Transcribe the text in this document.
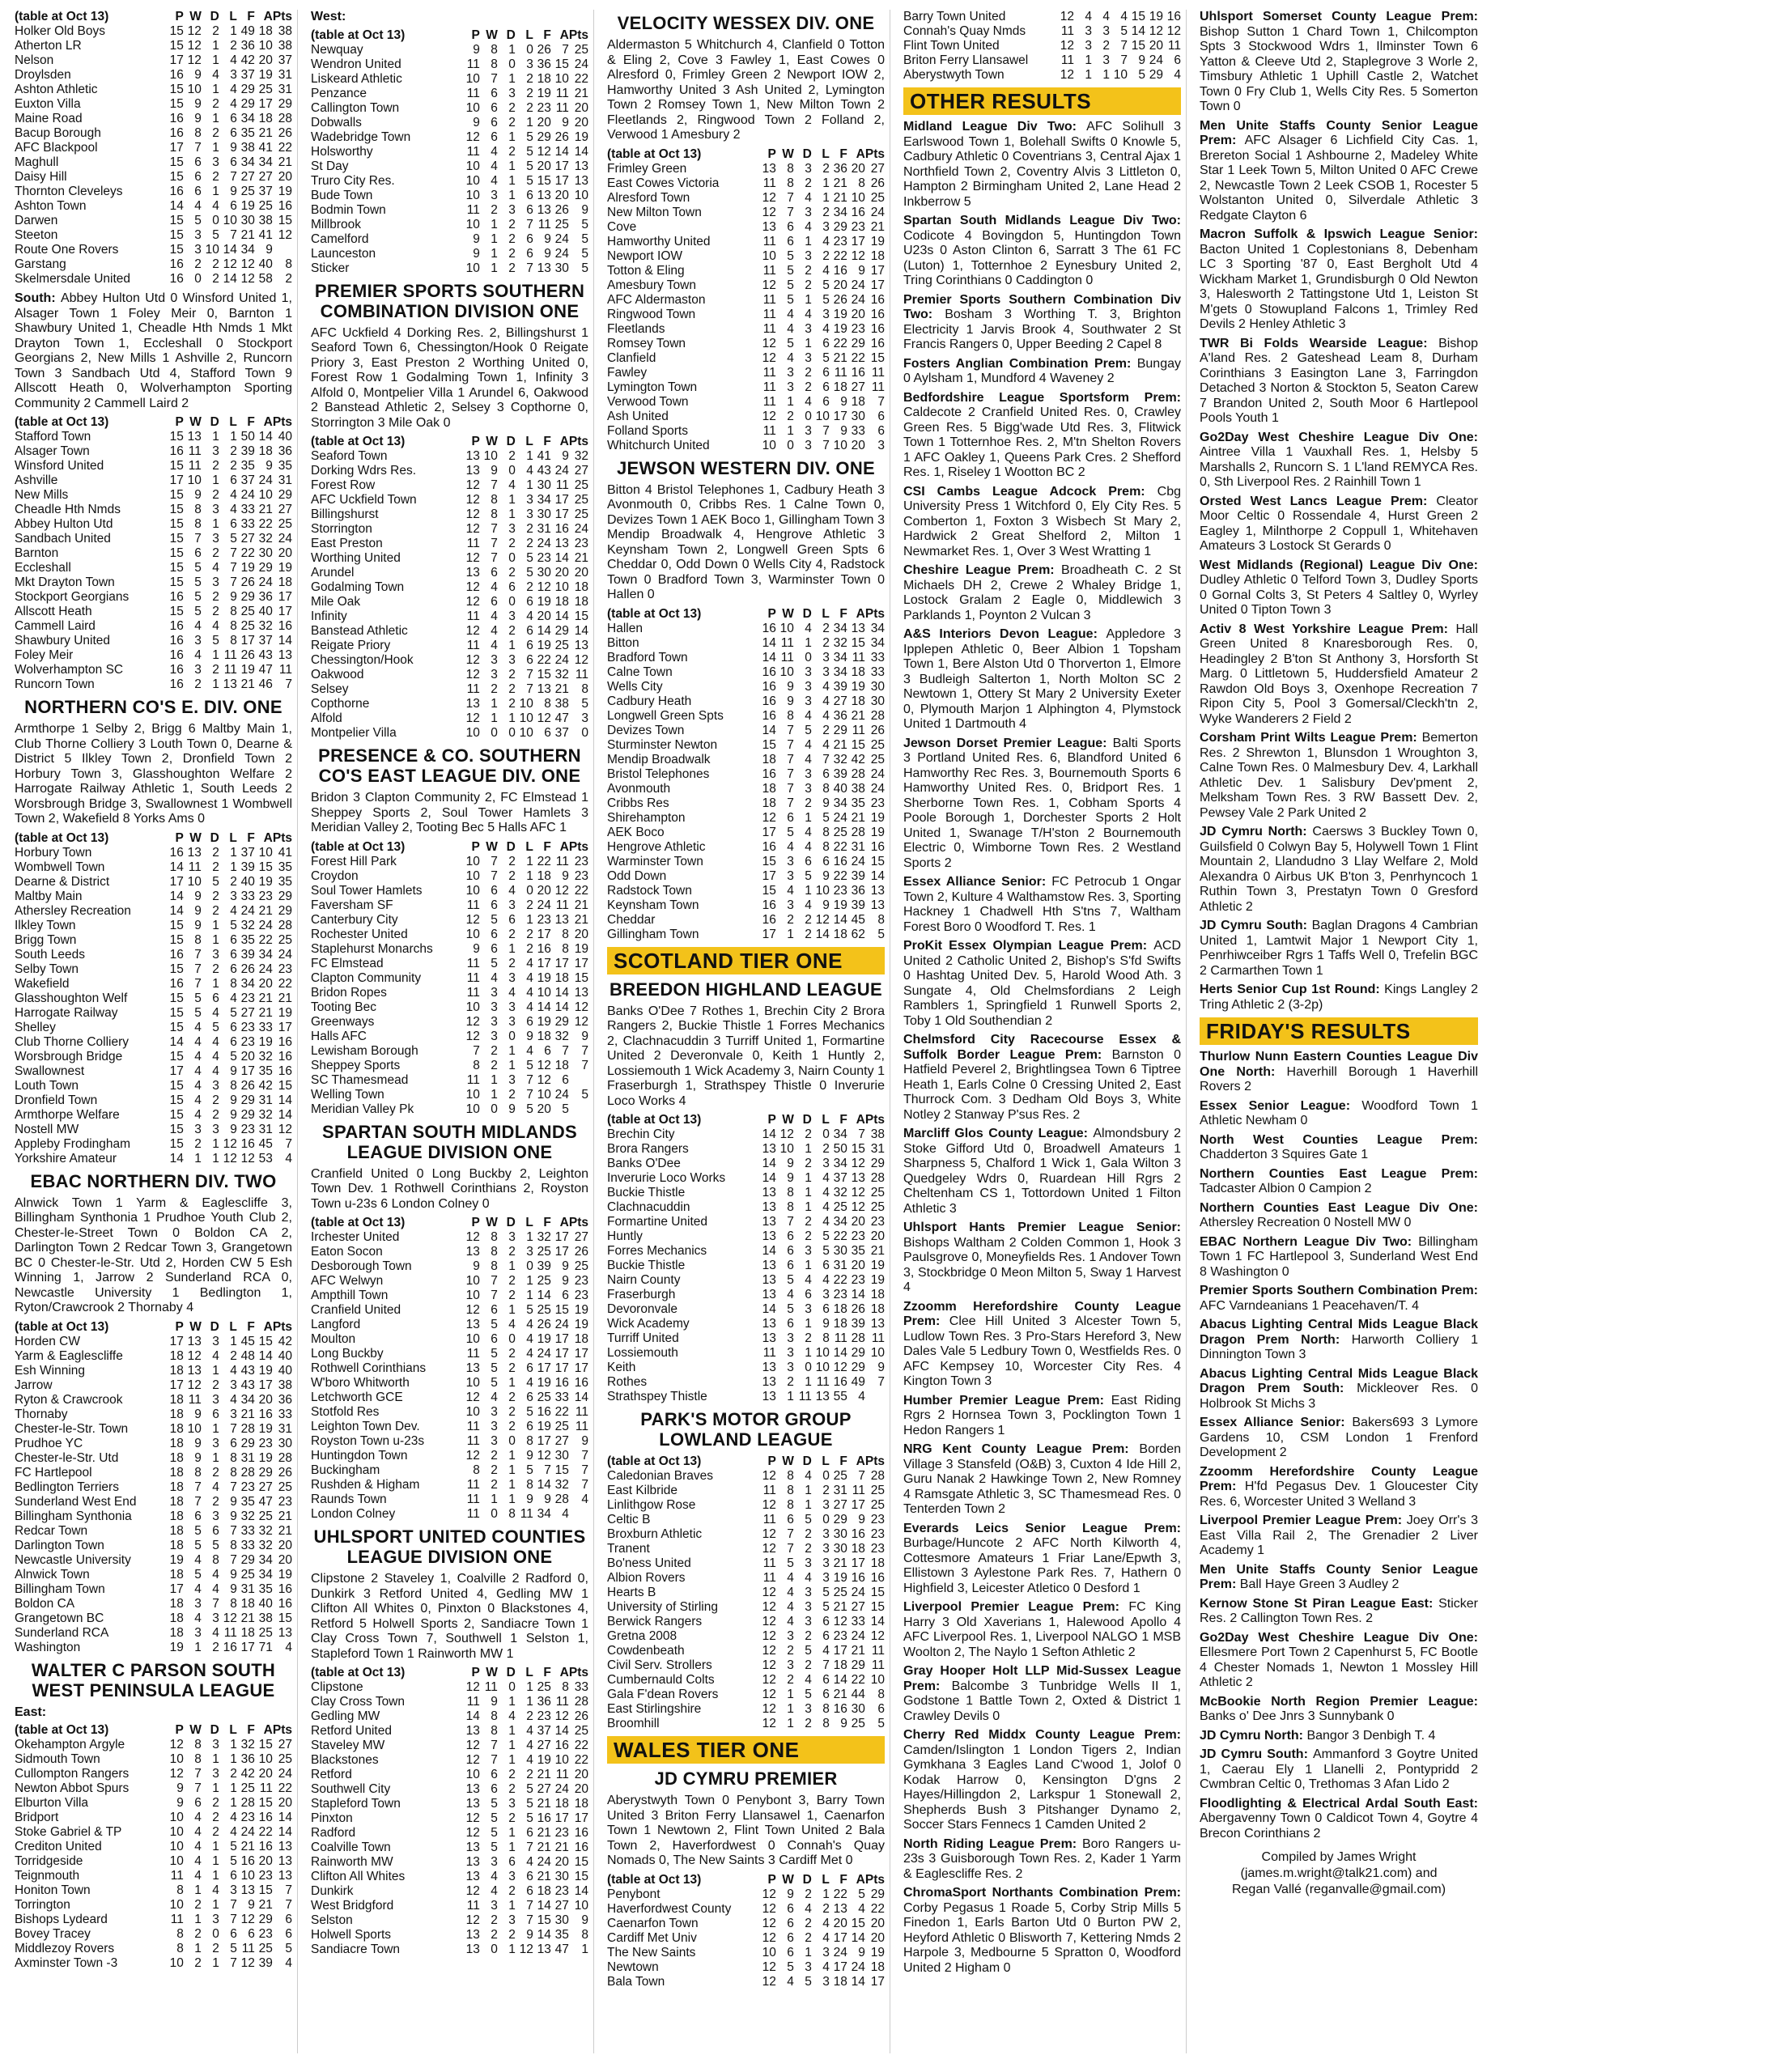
(table at Oct 13)	P	W	D	L	F	A	Pts
Holker Old Boys	15	12	2	1	49	18	38
Atherton LR	15	12	1	2	36	10	38
Nelson	17	12	1	4	42	20	37
Droylsden	16	9	4	3	37	19	31
Ashton Athletic	15	10	1	4	29	25	31
Euxton Villa	15	9	2	4	29	17	29
Maine Road	16	9	1	6	34	18	28
Bacup Borough	16	8	2	6	35	21	26
AFC Blackpool	17	7	1	9	38	41	22
Maghull	15	6	3	6	34	34	21
Daisy Hill	15	6	2	7	27	27	20
Thornton Cleveleys	16	6	1	9	25	37	19
Ashton Town	14	4	4	6	19	25	16
Darwen	15	5	0	10	30	38	15
Steeton	15	3	5	7	21	41	12
Route One Rovers	15	3	10	14	34	9	
Garstang	16	2	2	12	12	40	8
Skelmersdale United	16	0	2	14	12	58	2

South: Abbey Hulton Utd 0 Winsford United 1, Alsager Town 1 Foley Meir 0, Barnton 1 Shawbury United 1, Cheadle Hth Nmds 1 Mkt Drayton Town 1, Eccleshall 0 Stockport Georgians 2, New Mills 1 Ashville 2, Runcorn Town 3 Sandbach Utd 4, Stafford Town 9 Allscott Heath 0, Wolverhampton Sporting Community 2 Cammell Laird 2

(table at Oct 13)	P	W	D	L	F	A	Pts
Stafford Town	15	13	1	1	50	14	40
Alsager Town	16	11	3	2	39	18	36
Winsford United	15	11	2	2	35	9	35
Ashville	17	10	1	6	37	24	31
New Mills	15	9	2	4	24	10	29
Cheadle Hth Nmds	15	8	3	4	33	21	27
Abbey Hulton Utd	15	8	1	6	33	22	25
Sandbach United	15	7	3	5	27	32	24
Barnton	15	6	2	7	22	30	20
Eccleshall	15	5	4	7	19	29	19
Mkt Drayton Town	15	5	3	7	26	24	18
Stockport Georgians	16	5	2	9	29	36	17
Allscott Heath	15	5	2	8	25	40	17
Cammell Laird	16	4	4	8	25	32	16
Shawbury United	16	3	5	8	17	37	14
Foley Meir	16	4	1	11	26	43	13
Wolverhampton SC	16	3	2	11	19	47	11
Runcorn Town	16	2	1	13	21	46	7
NORTHERN CO'S E. DIV. ONE

Armthorpe 1 Selby 2, Brigg 6 Maltby Main 1, Club Thorne Colliery 3 Louth Town 0, Dearne & District 5 Ilkley Town 2, Dronfield Town 2 Horbury Town 3, Glasshoughton Welfare 2 Harrogate Railway Athletic 1, South Leeds 2 Worsbrough Bridge 3, Swallownest 1 Wombwell Town 2, Wakefield 8 Yorks Ams 0

(table at Oct 13)	P	W	D	L	F	A	Pts
Horbury Town	16	13	2	1	37	10	41
Wombwell Town	14	11	2	1	39	15	35
Dearne & District	17	10	5	2	40	19	35
Maltby Main	14	9	2	3	33	23	29
Athersley Recreation	14	9	2	4	24	21	29
Ilkley Town	15	9	1	5	32	24	28
Brigg Town	15	8	1	6	35	22	25
South Leeds	16	7	3	6	39	34	24
Selby Town	15	7	2	6	26	24	23
Wakefield	16	7	1	8	34	20	22
Glasshoughton Welf	15	5	6	4	23	21	21
Harrogate Railway	15	5	4	5	27	21	19
Shelley	15	4	5	6	23	33	17
Club Thorne Colliery	14	4	4	6	23	19	16
Worsbrough Bridge	15	4	4	5	20	32	16
Swallownest	17	4	4	9	17	35	16
Louth Town	15	4	3	8	26	42	15
Dronfield Town	15	4	2	9	29	31	14
Armthorpe Welfare	15	4	2	9	29	32	14
Nostell MW	15	3	3	9	23	31	12
Appleby Frodingham	15	2	1	12	16	45	7
Yorkshire Amateur	14	1	1	12	12	53	4
EBAC NORTHERN DIV. TWO

Alnwick Town 1 Yarm & Eaglescliffe 3, Billingham Synthonia 1 Prudhoe Youth Club 2, Chester-le-Street Town 0 Boldon CA 2, Darlington Town 2 Redcar Town 3, Grangetown BC 0 Chester-le-Str. Utd 2, Horden CW 5 Esh Winning 1, Jarrow 2 Sunderland RCA 0, Newcastle University 1 Bedlington 1, Ryton/Crawcrook 2 Thornaby 4

(table at Oct 13)	P	W	D	L	F	A	Pts
Horden CW	17	13	3	1	45	15	42
Yarm & Eaglescliffe	18	12	4	2	48	14	40
Esh Winning	18	13	1	4	43	19	40
Jarrow	17	12	2	3	43	17	38
Ryton & Crawcrook	18	11	3	4	34	20	36
Thornaby	18	9	6	3	21	16	33
Chester-le-Str. Town	18	10	1	7	28	19	31
Prudhoe YC	18	9	3	6	29	23	30
Chester-le-Str. Utd	18	9	1	8	31	19	28
FC Hartlepool	18	8	2	8	28	29	26
Bedlington Terriers	18	7	4	7	23	27	25
Sunderland West End	18	7	2	9	35	47	23
Billingham Synthonia	18	6	3	9	32	25	21
Redcar Town	18	5	6	7	33	32	21
Darlington Town	18	5	5	8	33	32	20
Newcastle University	19	4	8	7	29	34	20
Alnwick Town	18	5	4	9	25	34	19
Billingham Town	17	4	4	9	31	35	16
Boldon CA	18	3	7	8	18	40	16
Grangetown BC	18	4	3	12	21	38	15
Sunderland RCA	18	3	4	11	18	25	13
Washington	19	1	2	16	17	71	4
WALTER C PARSON SOUTH WEST PENINSULA LEAGUE
East:
(table at Oct 13)	P	W	D	L	F	A	Pts
Okehampton Argyle	12	8	3	1	32	15	27
Sidmouth Town	10	8	1	1	36	10	25
Cullompton Rangers	12	7	3	2	42	20	24
Newton Abbot Spurs	9	7	1	1	25	11	22
Elburton Villa	9	6	2	1	28	15	20
Bridport	10	4	2	4	23	16	14
Stoke Gabriel & TP	10	4	2	4	24	22	14
Crediton United	10	4	1	5	21	16	13
Torridgeside	10	4	1	5	16	20	13
Teignmouth	11	4	1	6	10	23	13
Honiton Town	8	1	4	3	13	15	7
Torrington	10	2	1	7	9	21	7
Bishops Lydeard	11	1	3	7	12	29	6
Bovey Tracey	8	2	0	6	6	23	6
Middlezoy Rovers	8	1	2	5	11	25	5
Axminster Town -3	10	2	1	7	12	39	4
West:
(table at Oct 13)	P	W	D	L	F	A	Pts
Newquay	9	8	1	0	26	7	25
Wendron United	11	8	0	3	36	15	24
Liskeard Athletic	10	7	1	2	18	10	22
Penzance	11	6	3	2	19	11	21
Callington Town	10	6	2	2	23	11	20
Dobwalls	9	6	2	1	20	9	20
Wadebridge Town	12	6	1	5	29	26	19
Holsworthy	11	4	2	5	12	14	14
St Day	10	4	1	5	20	17	13
Truro City Res.	10	4	1	5	15	17	13
Bude Town	10	3	1	6	13	20	10
Bodmin Town	11	2	3	6	13	26	9
Millbrook	10	1	2	7	11	25	5
Camelford	9	1	2	6	9	24	5
Launceston	9	1	2	6	9	24	5
Sticker	10	1	2	7	13	30	5
PREMIER SPORTS SOUTHERN COMBINATION DIVISION ONE

AFC Uckfield 4 Dorking Res. 2, Billingshurst 1 Seaford Town 6, Chessington/Hook 0 Reigate Priory 3, East Preston 2 Worthing United 0, Forest Row 1 Godalming Town 1, Infinity 3 Alfold 0, Montpelier Villa 1 Arundel 6, Oakwood 2 Banstead Athletic 2, Selsey 3 Copthorne 0, Storrington 3 Mile Oak 0

(table at Oct 13)	P	W	D	L	F	A	Pts
Seaford Town	13	10	2	1	41	9	32
Dorking Wdrs Res.	13	9	0	4	43	24	27
Forest Row	12	7	4	1	30	11	25
AFC Uckfield Town	12	8	1	3	34	17	25
Billingshurst	12	8	1	3	30	17	25
Storrington	12	7	3	2	31	16	24
East Preston	11	7	2	2	24	13	23
Worthing United	12	7	0	5	23	14	21
Arundel	13	6	2	5	30	20	20
Godalming Town	12	4	6	2	12	10	18
Mile Oak	12	6	0	6	19	18	18
Infinity	11	4	3	4	20	14	15
Banstead Athletic	12	4	2	6	14	29	14
Reigate Priory	11	4	1	6	19	25	13
Chessington/Hook	12	3	3	6	22	24	12
Oakwood	12	3	2	7	15	32	11
Selsey	11	2	2	7	13	21	8
Copthorne	13	1	2	10	8	38	5
Alfold	12	1	1	10	12	47	3
Montpelier Villa	10	0	0	10	6	37	0
PRESENCE & CO. SOUTHERN CO'S EAST LEAGUE DIV. ONE

Bridon 3 Clapton Community 2, FC Elmstead 1 Sheppey Sports 2, Soul Tower Hamlets 3 Meridian Valley 2, Tooting Bec 5 Halls AFC 1

(table at Oct 13)	P	W	D	L	F	A	Pts
Forest Hill Park	10	7	2	1	22	11	23
Croydon	10	7	2	1	18	9	23
Soul Tower Hamlets	10	6	4	0	20	12	22
Faversham SF	11	6	3	2	24	11	21
Canterbury City	12	5	6	1	23	13	21
Rochester United	10	6	2	2	17	8	20
Staplehurst Monarchs	9	6	1	2	16	8	19
FC Elmstead	11	5	2	4	17	17	17
Clapton Community	11	4	3	4	19	18	15
Bridon Ropes	11	3	4	4	10	14	13
Tooting Bec	10	3	3	4	14	14	12
Greenways	12	3	3	6	19	29	12
Halls AFC	12	3	0	9	18	32	9
Lewisham Borough	7	2	1	4	6	7	7
Sheppey Sports	8	2	1	5	12	18	7
SC Thamesmead	11	1	3	7	12	6	
Welling Town	10	1	2	7	10	24	5
Meridian Valley Pk	10	0	9	5	20	5	
SPARTAN SOUTH MIDLANDS LEAGUE DIVISION ONE

Cranfield United 0 Long Buckby 2, Leighton Town Dev. 1 Rothwell Corinthians 2, Royston Town u-23s 6 London Colney 0

(table at Oct 13)	P	W	D	L	F	A	Pts
Irchester United	12	8	3	1	32	17	27
Eaton Socon	13	8	2	3	25	17	26
Desborough Town	9	8	1	0	39	9	25
AFC Welwyn	10	7	2	1	25	9	23
Ampthill Town	10	7	2	1	14	6	23
Cranfield United	12	6	1	5	25	15	19
Langford	13	5	4	4	26	24	19
Moulton	10	6	0	4	19	17	18
Long Buckby	11	5	2	4	24	17	17
Rothwell Corinthians	13	5	2	6	17	17	17
W'boro Whitworth	10	5	1	4	19	16	16
Letchworth GCE	12	4	2	6	25	33	14
Stotfold Res	10	3	2	5	16	22	11
Leighton Town Dev.	11	3	2	6	19	25	11
Royston Town u-23s	11	3	0	8	17	27	9
Huntingdon Town	12	2	1	9	12	30	7
Buckingham	8	2	1	5	7	15	7
Rushden & Higham	11	2	1	8	14	32	7
Raunds Town	11	1	1	9	9	28	4
London Colney	11	0	8	11	34	4	
UHLSPORT UNITED COUNTIES LEAGUE DIVISION ONE

Clipstone 2 Staveley 1, Coalville 2 Radford 0, Dunkirk 3 Retford United 4, Gedling MW 1 Clifton All Whites 0, Pinxton 0 Blackstones 4, Retford 5 Holwell Sports 2, Sandiacre Town 1 Clay Cross Town 7, Southwell 1 Selston 1, Stapleford Town 1 Rainworth MW 1

(table at Oct 13)	P	W	D	L	F	A	Pts
Clipstone	12	11	0	1	25	8	33
Clay Cross Town	11	9	1	1	36	11	28
Gedling MW	14	8	4	2	23	12	26
Retford United	13	8	1	4	37	14	25
Staveley MW	12	7	1	4	27	16	22
Blackstones	12	7	1	4	19	10	22
Retford	10	6	2	2	21	11	20
Southwell City	13	6	2	5	27	24	20
Stapleford Town	13	5	3	5	21	18	18
Pinxton	12	5	2	5	16	17	17
Radford	12	5	1	6	21	23	16
Coalville Town	13	5	1	7	21	21	16
Rainworth MW	13	3	6	4	24	20	15
Clifton All Whites	13	4	3	6	21	30	15
Dunkirk	12	4	2	6	18	23	14
West Bridgford	11	3	1	7	14	27	10
Selston	12	2	3	7	15	30	9
Holwell Sports	13	2	2	9	14	35	8
Sandiacre Town	13	0	1	12	13	47	1
VELOCITY WESSEX DIV. ONE

Aldermaston 5 Whitchurch 4, Clanfield 0 Totton & Eling 2, Cove 3 Fawley 1, East Cowes 0 Alresford 0, Frimley Green 2 Newport IOW 2, Hamworthy United 3 Ash United 2, Lymington Town 2 Romsey Town 1, New Milton Town 2 Fleetlands 2, Ringwood Town 2 Folland 2, Verwood 1 Amesbury 2

(table at Oct 13)	P	W	D	L	F	A	Pts
Frimley Green	13	8	3	2	36	20	27
East Cowes Victoria	11	8	2	1	21	8	26
Alresford Town	12	7	4	1	21	10	25
New Milton Town	12	7	3	2	34	16	24
Cove	13	6	4	3	29	23	21
Hamworthy United	11	6	1	4	23	17	19
Newport IOW	10	5	3	2	22	12	18
Totton & Eling	11	5	2	4	16	9	17
Amesbury Town	12	5	2	5	20	24	17
AFC Aldermaston	11	5	1	5	26	24	16
Ringwood Town	11	4	4	3	19	20	16
Fleetlands	11	4	3	4	19	23	16
Romsey Town	12	5	1	6	22	29	16
Clanfield	12	4	3	5	21	22	15
Fawley	11	3	2	6	11	16	11
Lymington Town	11	3	2	6	18	27	11
Verwood Town	11	1	4	6	9	18	7
Ash United	12	2	0	10	17	30	6
Folland Sports	11	1	3	7	9	33	6
Whitchurch United	10	0	3	7	10	20	3
JEWSON WESTERN DIV. ONE

Bitton 4 Bristol Telephones 1, Cadbury Heath 3 Avonmouth 0, Cribbs Res. 1 Calne Town 0, Devizes Town 1 AEK Boco 1, Gillingham Town 3 Mendip Broadwalk 4, Hengrove Athletic 3 Keynsham Town 2, Longwell Green Spts 6 Cheddar 0, Odd Down 0 Wells City 4, Radstock Town 0 Bradford Town 3, Warminster Town 0 Hallen 0

(table at Oct 13)	P	W	D	L	F	A	Pts
Hallen	16	10	4	2	34	13	34
Bitton	14	11	1	2	32	15	34
Bradford Town	14	11	0	3	34	11	33
Calne Town	16	10	3	3	34	18	33
Wells City	16	9	3	4	39	19	30
Cadbury Heath	16	9	3	4	27	18	30
Longwell Green Spts	16	8	4	4	36	21	28
Devizes Town	14	7	5	2	29	11	26
Sturminster Newton	15	7	4	4	21	15	25
Mendip Broadwalk	18	7	4	7	32	42	25
Bristol Telephones	16	7	3	6	39	28	24
Avonmouth	18	7	3	8	40	38	24
Cribbs Res	18	7	2	9	34	35	23
Shirehampton	12	6	1	5	24	21	19
AEK Boco	17	5	4	8	25	28	19
Hengrove Athletic	16	4	4	8	22	31	16
Warminster Town	15	3	6	6	16	24	15
Odd Down	17	3	5	9	22	39	14
Radstock Town	15	4	1	10	23	36	13
Keynsham Town	16	3	4	9	19	39	13
Cheddar	16	2	2	12	14	45	8
Gillingham Town	17	1	2	14	18	62	5
SCOTLAND TIER ONE
BREEDON HIGHLAND LEAGUE

Banks O'Dee 7 Rothes 1, Brechin City 2 Brora Rangers 2, Buckie Thistle 1 Forres Mechanics 2, Clachnacuddin 3 Turriff United 1, Formartine United 2 Deveronvale 0, Keith 1 Huntly 2, Lossiemouth 1 Wick Academy 3, Nairn County 1 Fraserburgh 1, Strathspey Thistle 0 Inverurie Loco Works 4

(table at Oct 13)	P	W	D	L	F	A	Pts
Brechin City	14	12	2	0	34	7	38
Brora Rangers	13	10	1	2	50	15	31
Banks O'Dee	14	9	2	3	34	12	29
Inverurie Loco Works	14	9	1	4	37	13	28
Buckie Thistle	13	8	1	4	32	12	25
Clachnacuddin	13	8	1	4	25	12	25
Formartine United	13	7	2	4	34	20	23
Huntly	13	6	2	5	22	23	20
Forres Mechanics	14	6	3	5	30	35	21
Buckie Thistle	13	6	1	6	31	20	19
Nairn County	13	5	4	4	22	23	19
Fraserburgh	13	4	6	3	23	14	18
Devoronvale	14	5	3	6	18	26	18
Wick Academy	13	6	1	9	18	39	13
Turriff United	13	3	2	8	11	28	11
Lossiemouth	11	3	1	10	14	29	10
Keith	13	3	0	10	12	29	9
Rothes	13	2	1	11	16	49	7
Strathspey Thistle	13	1	11	13	55	4	
PARK'S MOTOR GROUP LOWLAND LEAGUE
(table at Oct 13)	P	W	D	L	F	A	Pts
Caledonian Braves	12	8	4	0	25	7	28
East Kilbride	11	8	1	2	31	11	25
Linlithgow Rose	12	8	1	3	27	17	25
Celtic B	11	6	5	0	29	9	23
Broxburn Athletic	12	7	2	3	30	16	23
Tranent	12	7	2	3	30	18	23
Bo'ness United	11	5	3	3	21	17	18
Albion Rovers	11	4	4	3	19	16	16
Hearts B	12	4	3	5	25	24	15
University of Stirling	12	4	3	5	21	27	15
Berwick Rangers	12	4	3	6	12	33	14
Gretna 2008	12	3	2	6	23	24	12
Cowdenbeath	12	2	5	4	17	21	11
Civil Serv. Strollers	12	3	2	7	18	29	11
Cumbernauld Colts	12	2	4	6	14	22	10
Gala F'dean Rovers	12	1	5	6	21	44	8
East Stirlingshire	12	1	3	8	16	30	6
Broomhill	12	1	2	8	9	25	5
WALES TIER ONE
JD CYMRU PREMIER

Aberystwyth Town 0 Penybont 3, Barry Town United 3 Briton Ferry Llansawel 1, Caenarfon Town 1 Newtown 2, Flint Town United 2 Bala Town 2, Haverfordwest 0 Connah's Quay Nomads 0, The New Saints 3 Cardiff Met 0

(table at Oct 13)	P	W	D	L	F	A	Pts
Penybont	12	9	2	1	22	5	29
Haverfordwest County	12	6	4	2	13	4	22
Caenarfon Town	12	6	2	4	20	15	20
Cardiff Met Univ	12	6	2	4	17	14	20
The New Saints	10	6	1	3	24	9	19
Newtown	12	5	3	4	17	24	18
Bala Town	12	4	5	3	18	14	17
Barry Town United	12	4	4	4	15	19	16
Connah's Quay Nmds	11	3	3	5	14	12	12
Flint Town United	12	3	2	7	15	20	11
Briton Ferry Llansawel	11	1	3	7	9	24	6
Aberystwyth Town	12	1	1	10	5	29	4
OTHER RESULTS

Midland League Div Two: AFC Solihull 3 Earlswood Town 1, Bolehall Swifts 0 Knowle 5, Cadbury Athletic 0 Coventrians 3, Central Ajax 1 Northfield Town 2, Coventry Alvis 3 Littleton 0, Hampton 2 Birmingham United 2, Lane Head 2 Inkberrow 5

Spartan South Midlands League Div Two: Codicote 4 Bovingdon 5, Huntingdon Town U23s 0 Aston Clinton 6, Sarratt 3 The 61 FC (Luton) 1, Totternhoe 2 Eynesbury United 2, Tring Corinthians 0 Caddington 0

Premier Sports Southern Combination Div Two: Bosham 3 Worthing T. 3, Brighton Electricity 1 Jarvis Brook 4, Southwater 2 St Francis Rangers 0, Upper Beeding 2 Capel 8

Fosters Anglian Combination Prem: Bungay 0 Aylsham 1, Mundford 4 Waveney 2

Bedfordshire League Sportsform Prem: Caldecote 2 Cranfield United Res. 0, Crawley Green Res. 5 Bigg'wade Utd Res. 3, Flitwick Town 1 Totternhoe Res. 2, M'tn Shelton Rovers 1 AFC Oakley 1, Queens Park Cres. 2 Shefford Res. 1, Riseley 1 Wootton BC 2

CSI Cambs League Adcock Prem: Cbg University Press 1 Witchford 0, Ely City Res. 5 Comberton 1, Foxton 3 Wisbech St Mary 2, Hardwick 2 Great Shelford 2, Milton 1 Newmarket Res. 1, Over 3 West Wratting 1

Cheshire League Prem: Broadheath C. 2 St Michaels DH 2, Crewe 2 Whaley Bridge 1, Lostock Gralam 2 Eagle 0, Middlewich 3 Parklands 1, Poynton 2 Vulcan 3

A&S Interiors Devon League: Appledore 3 Ipplepen Athletic 0, Beer Albion 1 Topsham Town 1, Bere Alston Utd 0 Thorverton 1, Elmore 3 Budleigh Salterton 1, North Molton SC 2 Newtown 1, Ottery St Mary 2 University Exeter 0, Plymouth Marjon 1 Alphington 4, Plymstock United 1 Dartmouth 4

Jewson Dorset Premier League: Balti Sports 3 Portland United Res. 6, Blandford United 6 Hamworthy Rec Res. 3, Bournemouth Sports 6 Hamworthy United Res. 0, Bridport Res. 1 Sherborne Town Res. 1, Cobham Sports 4 Poole Borough 1, Dorchester Sports 2 Holt United 1, Swanage T/H'ston 2 Bournemouth Electric 0, Wimborne Town Res. 2 Westland Sports 2

Essex Alliance Senior: FC Petrocub 1 Ongar Town 2, Kulture 4 Walthamstow Res. 3, Sporting Hackney 1 Chadwell Hth S'tns 7, Waltham Forest Boro 0 Woodford T. Res. 1

ProKit Essex Olympian League Prem: ACD United 2 Catholic United 2, Bishop's S'fd Swifts 0 Hashtag United Dev. 5, Harold Wood Ath. 3 Sungate 4, Old Chelmsfordians 2 Leigh Ramblers 1, Springfield 1 Runwell Sports 2, Toby 1 Old Southendian 2

Chelmsford City Racecourse Essex & Suffolk Border League Prem: Barnston 0 Hatfield Peverel 2, Brightlingsea Town 6 Tiptree Heath 1, Earls Colne 0 Cressing United 2, East Thurrock Com. 3 Dedham Old Boys 3, White Notley 2 Stanway P'sus Res. 2

Marcliff Glos County League: Almondsbury 2 Stoke Gifford Utd 0, Broadwell Amateurs 1 Sharpness 5, Chalford 1 Wick 1, Gala Wilton 3 Quedgeley Wdrs 0, Ruardean Hill Rgrs 2 Cheltenham CS 1, Tottordown United 1 Filton Athletic 3

Uhlsport Hants Premier League Senior: Bishops Waltham 2 Colden Common 1, Hook 3 Paulsgrove 0, Moneyfields Res. 1 Andover Town 3, Stockbridge 0 Meon Milton 5, Sway 1 Harvest 4

Zzoomm Herefordshire County League Prem: Clee Hill United 3 Alcester Town 5, Ludlow Town Res. 3 Pro-Stars Hereford 3, New Dales Vale 5 Ledbury Town 0, Westfields Res. 0 AFC Kempsey 10, Worcester City Res. 4 Kington Town 3

Humber Premier League Prem: East Riding Rgrs 2 Hornsea Town 3, Pocklington Town 1 Hedon Rangers 1

NRG Kent County League Prem: Borden Village 3 Stansfeld (O&B) 3, Cuxton 4 Ide Hill 2, Guru Nanak 2 Hawkinge Town 2, New Romney 4 Ramsgate Athletic 3, SC Thamesmead Res. 0 Tenterden Town 2

Everards Leics Senior League Prem: Burbage/Huncote 2 AFC North Kilworth 4, Cottesmore Amateurs 1 Friar Lane/Epwth 3, Ellistown 3 Aylestone Park Res. 7, Hathern 0 Highfield 3, Leicester Atletico 0 Desford 1

Liverpool Premier League Prem: FC King Harry 3 Old Xaverians 1, Halewood Apollo 4 AFC Liverpool Res. 1, Liverpool NALGO 1 MSB Woolton 2, The Naylo 1 Sefton Athletic 2

Gray Hooper Holt LLP Mid-Sussex League Prem: Balcombe 3 Tunbridge Wells II 1, Godstone 1 Battle Town 2, Oxted & District 1 Crawley Devils 0

Cherry Red Middx County League Prem: Camden/Islington 1 London Tigers 2, Indian Gymkhana 3 Eagles Land C'wood 1, Jolof 0 Kodak Harrow 0, Kensington D'gns 2 Hayes/Hillingdon 2, Larkspur 1 Stonewall 2, Shepherds Bush 3 Pitshanger Dynamo 2, Soccer Stars Fennecs 1 Camden United 2

North Riding League Prem: Boro Rangers u-23s 3 Guisborough Town Res. 2, Kader 1 Yarm & Eaglescliffe Res. 2

ChromaSport Northants Combination Prem: Corby Pegasus 1 Roade 5, Corby Strip Mills 5 Finedon 1, Earls Barton Utd 0 Burton PW 2, Heyford Athletic 0 Blisworth 7, Kettering Nmds 2 Harpole 3, Medbourne 5 Spratton 0, Woodford United 2 Higham 0

Uhlsport Somerset County League Prem: Bishop Sutton 1 Chard Town 1, Chilcompton Spts 3 Stockwood Wdrs 1, Ilminster Town 6 Yatton & Cleeve Utd 2, Staplegrove 3 Worle 2, Timsbury Athletic 1 Uphill Castle 2, Watchet Town 0 Fry Club 1, Wells City Res. 5 Somerton Town 0

Men Unite Staffs County Senior League Prem: AFC Alsager 6 Lichfield City Cas. 1, Brereton Social 1 Ashbourne 2, Madeley White Star 1 Leek Town 5, Milton United 0 AFC Crewe 2, Newcastle Town 2 Leek CSOB 1, Rocester 5 Wolstanton United 0, Silverdale Athletic 3 Redgate Clayton 6

Macron Suffolk & Ipswich League Senior: Bacton United 1 Coplestonians 8, Debenham LC 3 Sporting '87 0, East Bergholt Utd 4 Wickham Market 1, Grundisburgh 0 Old Newton 3, Halesworth 2 Tattingstone Utd 1, Leiston St M'gets 0 Stowupland Falcons 1, Trimley Red Devils 2 Henley Athletic 3

TWR Bi Folds Wearside League: Bishop A'land Res. 2 Gateshead Leam 8, Durham Corinthians 3 Easington Lane 3, Farringdon Detached 3 Norton & Stockton 5, Seaton Carew 7 Brandon United 2, South Moor 6 Hartlepool Pools Youth 1

Go2Day West Cheshire League Div One: Aintree Villa 1 Vauxhall Res. 1, Helsby 5 Marshalls 2, Runcorn S. 1 L'land REMYCA Res. 0, Sth Liverpool Res. 2 Rainhill Town 1

Orsted West Lancs League Prem: Cleator Moor Celtic 0 Rossendale 4, Hurst Green 2 Eagley 1, Milnthorpe 2 Coppull 1, Whitehaven Amateurs 3 Lostock St Gerards 0

West Midlands (Regional) League Div One: Dudley Athletic 0 Telford Town 3, Dudley Sports 0 Gornal Colts 3, St Peters 4 Saltley 0, Wyrley United 0 Tipton Town 3

Activ 8 West Yorkshire League Prem: Hall Green United 8 Knaresborough Res. 0, Headingley 2 B'ton St Anthony 3, Horsforth St Marg. 0 Littletown 5, Huddersfield Amateur 2 Rawdon Old Boys 3, Oxenhope Recreation 7 Ripon City 5, Pool 3 Gomersal/Cleckh'tn 2, Wyke Wanderers 2 Field 2

Corsham Print Wilts League Prem: Bemerton Res. 2 Shrewton 1, Blunsdon 1 Wroughton 3, Calne Town Res. 0 Malmesbury Dev. 4, Larkhall Athletic Dev. 1 Salisbury Dev'pment 2, Melksham Town Res. 3 RW Bassett Dev. 2, Pewsey Vale 2 Park United 2

JD Cymru North: Caersws 3 Buckley Town 0, Guilsfield 0 Colwyn Bay 5, Holywell Town 1 Flint Mountain 2, Llandudno 3 Llay Welfare 2, Mold Alexandra 0 Airbus UK B'ton 3, Penrhyncoch 1 Ruthin Town 3, Prestatyn Town 0 Gresford Athletic 2

JD Cymru South: Baglan Dragons 4 Cambrian United 1, Lamtwit Major 1 Newport City 1, Penrhiwceiber Rgrs 1 Taffs Well 0, Trefelin BGC 2 Carmarthen Town 1

Herts Senior Cup 1st Round: Kings Langley 2 Tring Athletic 2 (3-2p)

FRIDAY'S RESULTS

Thurlow Nunn Eastern Counties League Div One North: Haverhill Borough 1 Haverhill Rovers 2

Essex Senior League: Woodford Town 1 Athletic Newham 0

North West Counties League Prem: Chadderton 3 Squires Gate 1

Northern Counties East League Prem: Tadcaster Albion 0 Campion 2

Northern Counties East League Div One: Athersley Recreation 0 Nostell MW 0

EBAC Northern League Div Two: Billingham Town 1 FC Hartlepool 3, Sunderland West End 8 Washington 0

Premier Sports Southern Combination Prem: AFC Varndeanians 1 Peacehaven/T. 4

Abacus Lighting Central Mids League Black Dragon Prem North: Harworth Colliery 1 Dinnington Town 3

Abacus Lighting Central Mids League Black Dragon Prem South: Mickleover Res. 0 Holbrook St Michs 3

Essex Alliance Senior: Bakers693 3 Lymore Gardens 10, CSM London 1 Frenford Development 2

Zzoomm Herefordshire County League Prem: H'fd Pegasus Dev. 1 Gloucester City Res. 6, Worcester United 3 Welland 3

Liverpool Premier League Prem: Joey Orr's 3 East Villa Rail 2, The Grenadier 2 Liver Academy 1

Men Unite Staffs County Senior League Prem: Ball Haye Green 3 Audley 2

Kernow Stone St Piran League East: Sticker Res. 2 Callington Town Res. 2

Go2Day West Cheshire League Div One: Ellesmere Port Town 2 Capenhurst 5, FC Bootle 4 Chester Nomads 1, Newton 1 Mossley Hill Athletic 2

McBookie North Region Premier League: Banks o' Dee Jnrs 3 Sunnybank 0

JD Cymru North: Bangor 3 Denbigh T. 4

JD Cymru South: Ammanford 3 Goytre United 1, Caerau Ely 1 Llanelli 2, Pontypridd 2 Cwmbran Celtic 0, Trethomas 3 Afan Lido 2

Floodlighting & Electrical Ardal South East: Abergavenny Town 0 Caldicot Town 4, Goytre 4 Brecon Corinthians 2

Compiled by James Wright
(james.m.wright@talk21.com) and
Regan Vallé (reganvalle@gmail.com)
